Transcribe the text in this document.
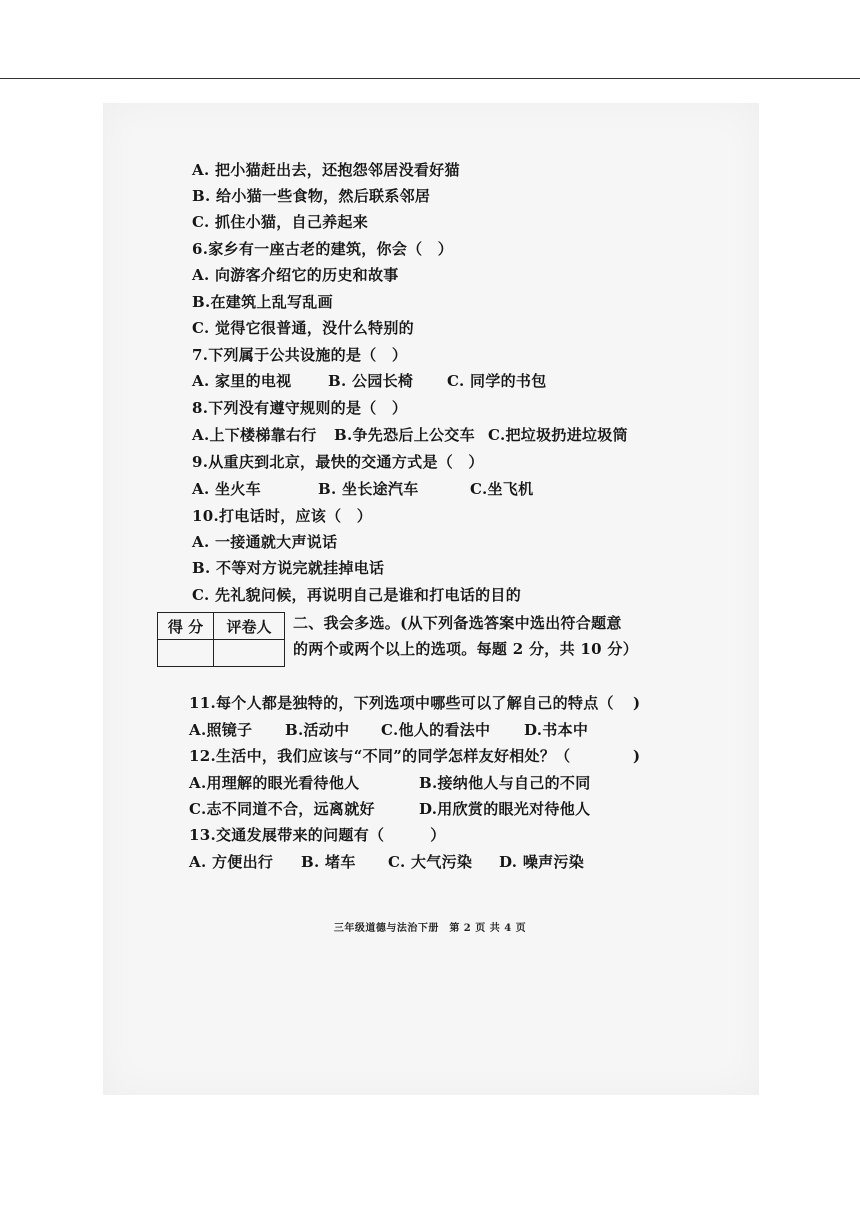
A. 把小猫赶出去，还抱怨邻居没看好猫

B. 给小猫一些食物，然后联系邻居

C. 抓住小猫，自己养起来

6.家乡有一座古老的建筑，你会（　）

A. 向游客介绍它的历史和故事

B.在建筑上乱写乱画

C. 觉得它很普通，没什么特别的

7.下列属于公共设施的是（　）

A. 家里的电视 B. 公园长椅 C. 同学的书包

8.下列没有遵守规则的是（　）

A.上下楼梯靠右行 B.争先恐后上公交车 C.把垃圾扔进垃圾筒

9.从重庆到北京，最快的交通方式是（　）

A. 坐火车	B. 坐长途汽车	C.坐飞机

10.打电话时，应该（　）

A. 一接通就大声说话

B. 不等对方说完就挂掉电话

C. 先礼貌问候，再说明自己是谁和打电话的目的

得 分	评卷人
	二、我会多选。(从下列备选答案中选出符合题意

的两个或两个以上的选项。每题 2 分，共 10 分）

11.每个人都是独特的，下列选项中哪些可以了解自己的特点（ )

A.照镜子 B.活动中 C.他人的看法中 D.书本中

12.生活中，我们应该与“不同”的同学怎样友好相处？（	)

A.用理解的眼光看待他人	B.接纳他人与自己的不同
C.志不同道不合，远离就好	D.用欣赏的眼光对待他人

13.交通发展带来的问题有（　　　）

A. 方便出行 B. 堵车 C. 大气污染 D. 噪声污染
三年级道德与法治下册　第 2 页 共 4 页
